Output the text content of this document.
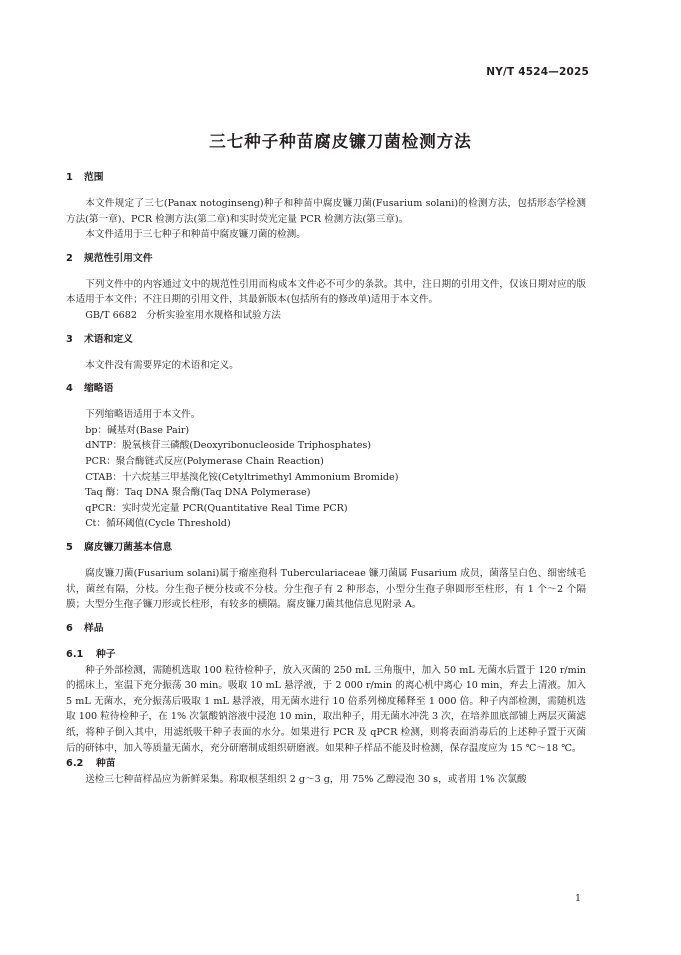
NY/T 4524—2025
三七种子种苗腐皮镰刀菌检测方法
1	范围

本文件规定了三七(Panax notoginseng)种子和种苗中腐皮镰刀菌(Fusarium solani)的检测方法，包括形态学检测方法(第一章)、PCR 检测方法(第二章)和实时荧光定量 PCR 检测方法(第三章)。

本文件适用于三七种子和种苗中腐皮镰刀菌的检测。

2	规范性引用文件

下列文件中的内容通过文中的规范性引用而构成本文件必不可少的条款。其中，注日期的引用文件，仅该日期对应的版本适用于本文件；不注日期的引用文件，其最新版本(包括所有的修改单)适用于本文件。

GB/T 6682　分析实验室用水规格和试验方法

3	术语和定义

本文件没有需要界定的术语和定义。

4	缩略语

下列缩略语适用于本文件。

bp：碱基对(Base Pair)

dNTP：脱氧核苷三磷酸(Deoxyribonucleoside Triphosphates)

PCR：聚合酶链式反应(Polymerase Chain Reaction)

CTAB：十六烷基三甲基溴化铵(Cetyltrimethyl Ammonium Bromide)

Taq 酶：Taq DNA 聚合酶(Taq DNA Polymerase)

qPCR：实时荧光定量 PCR(Quantitative Real Time PCR)

Ct：循环阈值(Cycle Threshold)

5	腐皮镰刀菌基本信息

腐皮镰刀菌(Fusarium solani)属于瘤座孢科 Tuberculariaceae 镰刀菌属 Fusarium 成员，菌落呈白色、细密绒毛状，菌丝有隔，分枝。分生孢子梗分枝或不分枝。分生孢子有 2 种形态，小型分生孢子卵圆形至柱形，有 1 个～2 个隔膜；大型分生孢子镰刀形或长柱形，有较多的横隔。腐皮镰刀菌其他信息见附录 A。

6	样品
6.1	种子

种子外部检测，需随机选取 100 粒待检种子，放入灭菌的 250 mL 三角瓶中，加入 50 mL 无菌水后置于 120 r/min 的摇床上，室温下充分振荡 30 min。吸取 10 mL 悬浮液，于 2 000 r/min 的离心机中离心 10 min，弃去上清液。加入 5 mL 无菌水，充分振荡后吸取 1 mL 悬浮液，用无菌水进行 10 倍系列梯度稀释至 1 000 倍。种子内部检测，需随机选取 100 粒待检种子，在 1% 次氯酸钠溶液中浸泡 10 min，取出种子，用无菌水冲洗 3 次，在培养皿底部铺上两层灭菌滤纸，将种子倒入其中，用滤纸吸干种子表面的水分。如果进行 PCR 及 qPCR 检测，则将表面消毒后的上述种子置于灭菌后的研钵中，加入等质量无菌水，充分研磨制成组织研磨液。如果种子样品不能及时检测，保存温度应为 15 ℃～18 ℃。

6.2	种苗

送检三七种苗样品应为新鲜采集。称取根茎组织 2 g～3 g，用 75% 乙醇浸泡 30 s，或者用 1% 次氯酸

1
